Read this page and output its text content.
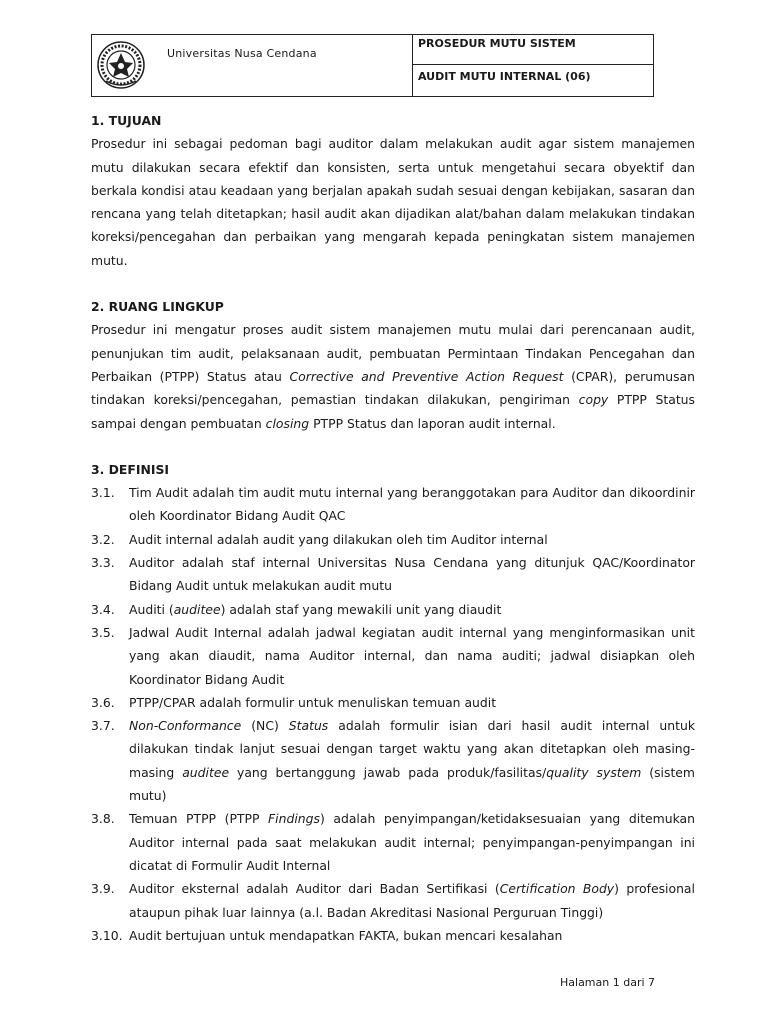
Universitas Nusa Cendana
PROSEDUR MUTU SISTEM
AUDIT MUTU INTERNAL (06)
1. TUJUAN
Prosedur ini sebagai pedoman bagi auditor dalam melakukan audit agar sistem manajemen mutu dilakukan secara efektif dan konsisten, serta untuk mengetahui secara obyektif dan berkala kondisi atau keadaan yang berjalan apakah sudah sesuai dengan kebijakan, sasaran dan rencana yang telah ditetapkan; hasil audit akan dijadikan alat/bahan dalam melakukan tindakan koreksi/pencegahan dan perbaikan yang mengarah kepada peningkatan sistem manajemen mutu.
2. RUANG LINGKUP
Prosedur ini mengatur proses audit sistem manajemen mutu mulai dari perencanaan audit, penunjukan tim audit, pelaksanaan audit, pembuatan Permintaan Tindakan Pencegahan dan Perbaikan (PTPP) Status atau Corrective and Preventive Action Request (CPAR), perumusan tindakan koreksi/pencegahan, pemastian tindakan dilakukan, pengiriman copy PTPP Status sampai dengan pembuatan closing PTPP Status dan laporan audit internal.
3. DEFINISI
3.1.	Tim Audit adalah tim audit mutu internal yang beranggotakan para Auditor dan dikoordinir oleh Koordinator Bidang Audit QAC
3.2.	Audit internal adalah audit yang dilakukan oleh tim Auditor internal
3.3.	Auditor adalah staf internal Universitas Nusa Cendana yang ditunjuk QAC/Koordinator Bidang Audit untuk melakukan audit mutu
3.4.	Auditi (auditee) adalah staf yang mewakili unit yang diaudit
3.5.	Jadwal Audit Internal adalah jadwal kegiatan audit internal yang menginformasikan unit yang akan diaudit, nama Auditor internal, dan nama auditi; jadwal disiapkan oleh Koordinator Bidang Audit
3.6.	PTPP/CPAR adalah formulir untuk menuliskan temuan audit
3.7.	Non-Conformance (NC) Status adalah formulir isian dari hasil audit internal untuk dilakukan tindak lanjut sesuai dengan target waktu yang akan ditetapkan oleh masing-masing auditee yang bertanggung jawab pada produk/fasilitas/quality system (sistem mutu)
3.8.	Temuan PTPP (PTPP Findings) adalah penyimpangan/ketidaksesuaian yang ditemukan Auditor internal pada saat melakukan audit internal; penyimpangan-penyimpangan ini dicatat di Formulir Audit Internal
3.9.	Auditor eksternal adalah Auditor dari Badan Sertifikasi (Certification Body) profesional ataupun pihak luar lainnya (a.l. Badan Akreditasi Nasional Perguruan Tinggi)
3.10. Audit bertujuan untuk mendapatkan FAKTA, bukan mencari kesalahan
Halaman 1 dari 7
